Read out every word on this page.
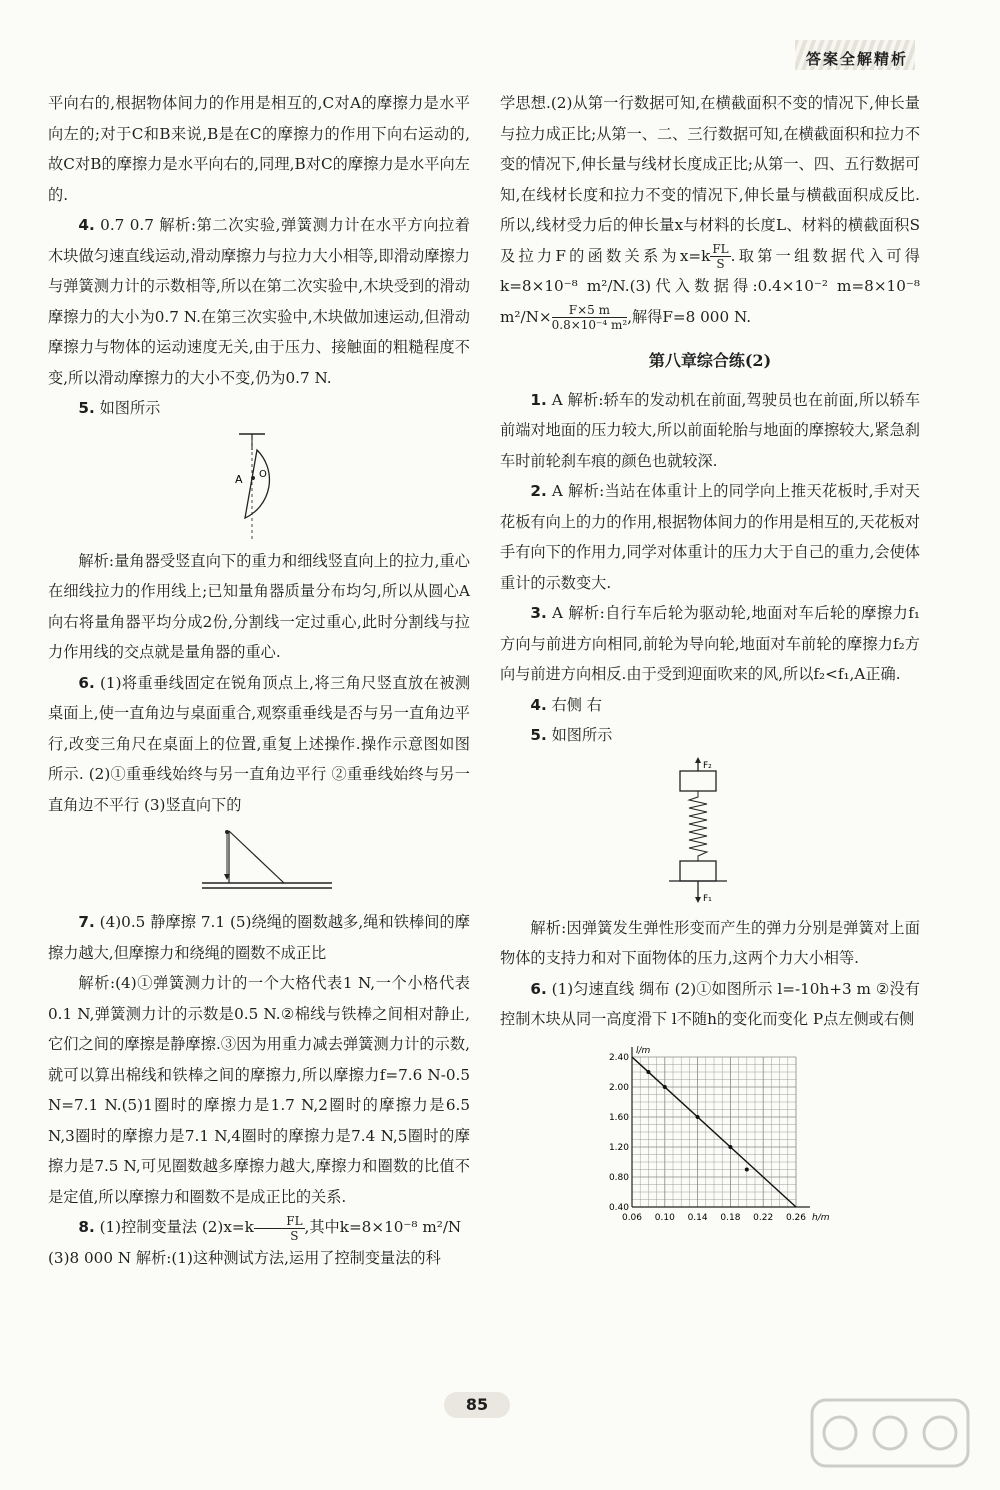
答案全解精析

平向右的,根据物体间力的作用是相互的,C对A的摩擦力是水平向左的;对于C和B来说,B是在C的摩擦力的作用下向右运动的,故C对B的摩擦力是水平向右的,同理,B对C的摩擦力是水平向左的.

4. 0.7 0.7 解析:第二次实验,弹簧测力计在水平方向拉着木块做匀速直线运动,滑动摩擦力与拉力大小相等,即滑动摩擦力与弹簧测力计的示数相等,所以在第二次实验中,木块受到的滑动摩擦力的大小为0.7 N.在第三次实验中,木块做加速运动,但滑动摩擦力与物体的运动速度无关,由于压力、接触面的粗糙程度不变,所以滑动摩擦力的大小不变,仍为0.7 N.

5. 如图所示

A O

解析:量角器受竖直向下的重力和细线竖直向上的拉力,重心在细线拉力的作用线上;已知量角器质量分布均匀,所以从圆心A向右将量角器平均分成2份,分割线一定过重心,此时分割线与拉力作用线的交点就是量角器的重心.

6. (1)将重垂线固定在锐角顶点上,将三角尺竖直放在被测桌面上,使一直角边与桌面重合,观察重垂线是否与另一直角边平行,改变三角尺在桌面上的位置,重复上述操作.操作示意图如图所示. (2)①重垂线始终与另一直角边平行 ②重垂线始终与另一直角边不平行 (3)竖直向下的

7. (4)0.5 静摩擦 7.1 (5)绕绳的圈数越多,绳和铁棒间的摩擦力越大,但摩擦力和绕绳的圈数不成正比

解析:(4)①弹簧测力计的一个大格代表1 N,一个小格代表0.1 N,弹簧测力计的示数是0.5 N.②棉线与铁棒之间相对静止,它们之间的摩擦是静摩擦.③因为用重力减去弹簧测力计的示数,就可以算出棉线和铁棒之间的摩擦力,所以摩擦力f=7.6 N-0.5 N=7.1 N.(5)1圈时的摩擦力是1.7 N,2圈时的摩擦力是6.5 N,3圈时的摩擦力是7.1 N,4圈时的摩擦力是7.4 N,5圈时的摩擦力是7.5 N,可见圈数越多摩擦力越大,摩擦力和圈数的比值不是定值,所以摩擦力和圈数不是成正比的关系.

8. (1)控制变量法 $(2)x=k \frac{FL}{S}$ ,其中k=8×10⁻⁸ m²/N

(3)8 000 N 解析:(1)这种测试方法,运用了控制变量法的科

学思想.(2)从第一行数据可知,在横截面积不变的情况下,伸长量与拉力成正比;从第一、二、三行数据可知,在横截面积和拉力不变的情况下,伸长量与线材长度成正比;从第一、四、五行数据可知,在线材长度和拉力不变的情况下,伸长量与横截面积成反比.所以,线材受力后的伸长量x与材料的长度L、材料的横截面积S及拉力F的函数关系为$x=k \frac{FL}{S}$ .取第一组数据代入可得k=8×10⁻⁸ m²/N.(3)代入数据得:0.4×10⁻² m=8×10⁻⁸ $m^2/N\times \frac{F\times 5 m}{\text{0.8×10⁻⁴ m²}}$ ,解得F=8 000 N.

第八章综合练(2)

1. A 解析:轿车的发动机在前面,驾驶员也在前面,所以轿车前端对地面的压力较大,所以前面轮胎与地面的摩擦较大,紧急刹车时前轮刹车痕的颜色也就较深.

2. A 解析:当站在体重计上的同学向上推天花板时,手对天花板有向上的力的作用,根据物体间力的作用是相互的,天花板对手有向下的作用力,同学对体重计的压力大于自己的重力,会使体重计的示数变大.

3. A 解析:自行车后轮为驱动轮,地面对车后轮的摩擦力f₁方向与前进方向相同,前轮为导向轮,地面对车前轮的摩擦力f₂方向与前进方向相反.由于受到迎面吹来的风,所以f₂<f₁,A正确.

4. 右侧 右

5. 如图所示

F₂
F₁

解析:因弹簧发生弹性形变而产生的弹力分别是弹簧对上面物体的支持力和对下面物体的压力,这两个力大小相等.

6. (1)匀速直线 绸布 (2)①如图所示 l=-10h+3 m ②没有控制木块从同一高度滑下 l不随h的变化而变化 P点左侧或右侧

0.06 0.10 0.14 0.18 0.22 0.26
0.40
0.80
1.20
1.60
2.00
2.40
h/m
l/m
85
